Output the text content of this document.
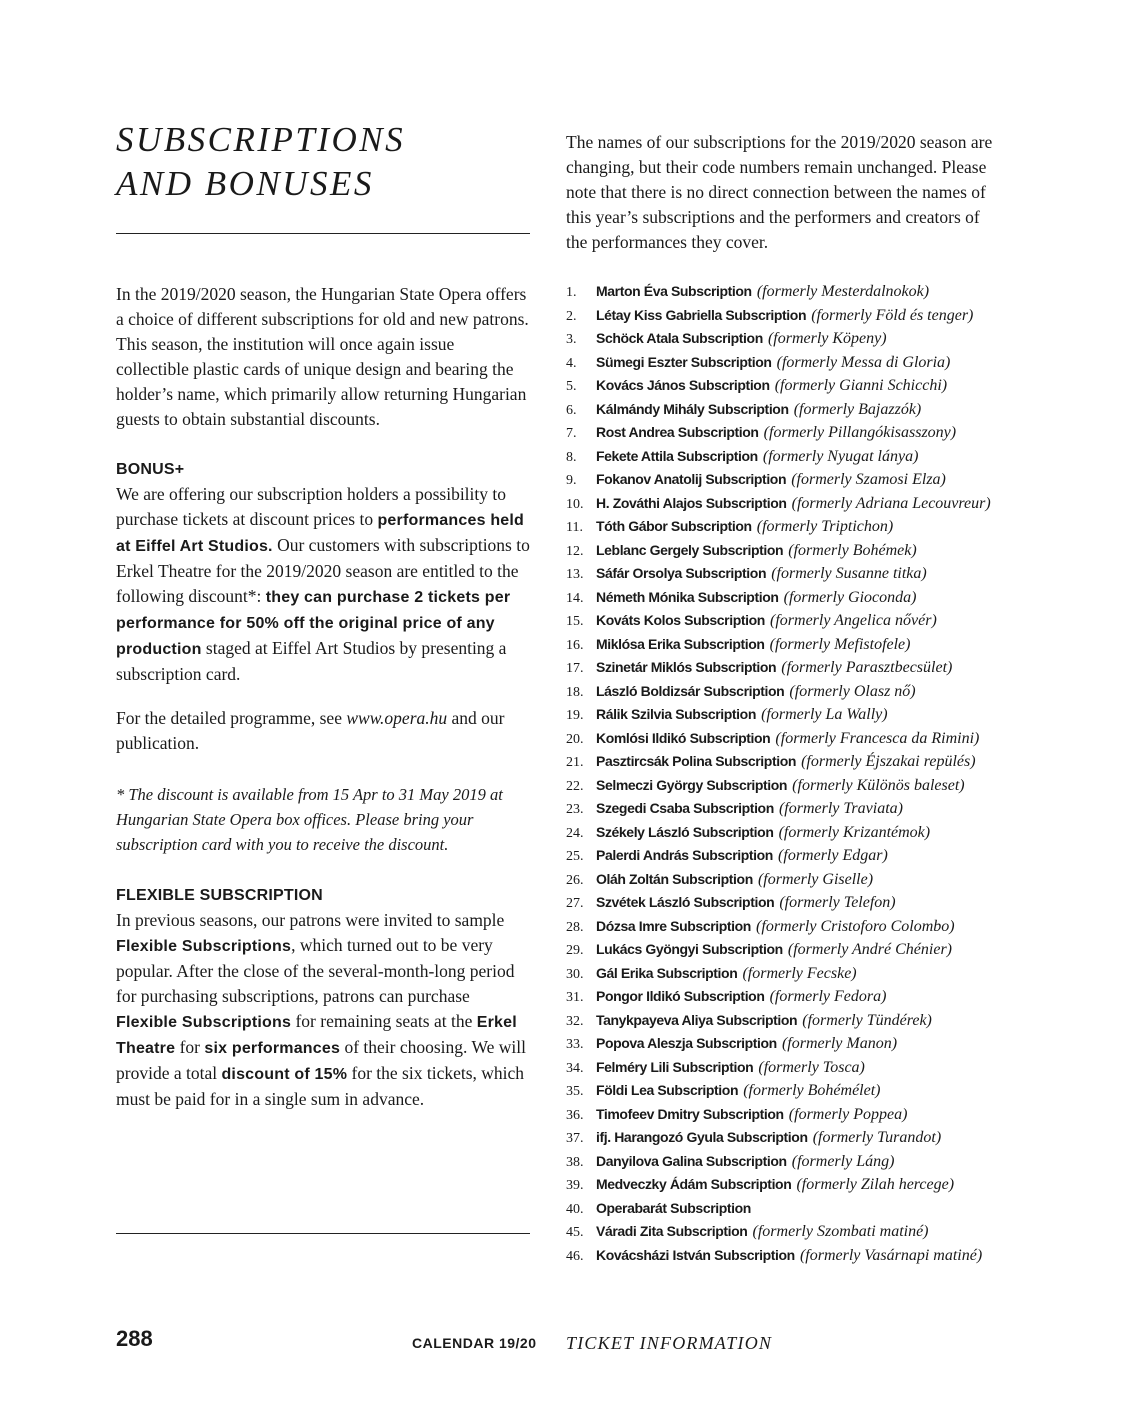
SUBSCRIPTIONS
AND BONUSES

In the 2019/2020 season, the Hungarian State Opera offers a choice of different subscriptions for old and new patrons. This season, the institution will once again issue collectible plastic cards of unique design and bearing the holder’s name, which primarily allow returning Hungarian guests to obtain substantial discounts.

BONUS+

We are offering our subscription holders a possibility to purchase tickets at discount prices to performances held at Eiffel Art Studios. Our customers with subscriptions to Erkel Theatre for the 2019/2020 season are entitled to the following discount*: they can purchase 2 tickets per performance for 50% off the original price of any production staged at Eiffel Art Studios by presenting a subscription card.

For the detailed programme, see www.opera.hu and our publication.

* The discount is available from 15 Apr to 31 May 2019 at Hungarian State Opera box offices. Please bring your subscription card with you to receive the discount.

FLEXIBLE SUBSCRIPTION

In previous seasons, our patrons were invited to sample Flexible Subscriptions, which turned out to be very popular. After the close of the several-month-long period for purchasing subscriptions, patrons can purchase Flexible Subscriptions for remaining seats at the Erkel Theatre for six performances of their choosing. We will provide a total discount of 15% for the six tickets, which must be paid for in a single sum in advance.

The names of our subscriptions for the 2019/2020 season are changing, but their code numbers remain unchanged. Please note that there is no direct connection between the names of this year’s subscriptions and the performers and creators of the performances they cover.

1. Marton Éva Subscription (formerly Mesterdalnokok)
2. Létay Kiss Gabriella Subscription (formerly Föld és tenger)
3. Schöck Atala Subscription (formerly Köpeny)
4. Sümegi Eszter Subscription (formerly Messa di Gloria)
5. Kovács János Subscription (formerly Gianni Schicchi)
6. Kálmándy Mihály Subscription (formerly Bajazzók)
7. Rost Andrea Subscription (formerly Pillangókisasszony)
8. Fekete Attila Subscription (formerly Nyugat lánya)
9. Fokanov Anatolij Subscription (formerly Szamosi Elza)
10. H. Zováthi Alajos Subscription (formerly Adriana Lecouvreur)
11. Tóth Gábor Subscription (formerly Triptichon)
12. Leblanc Gergely Subscription (formerly Bohémek)
13. Sáfár Orsolya Subscription (formerly Susanne titka)
14. Németh Mónika Subscription (formerly Gioconda)
15. Kováts Kolos Subscription (formerly Angelica nővér)
16. Miklósa Erika Subscription (formerly Mefistofele)
17. Szinetár Miklós Subscription (formerly Parasztbecsület)
18. László Boldizsár Subscription (formerly Olasz nő)
19. Rálik Szilvia Subscription (formerly La Wally)
20. Komlósi Ildikó Subscription (formerly Francesca da Rimini)
21. Pasztircsák Polina Subscription (formerly Éjszakai repülés)
22. Selmeczi György Subscription (formerly Különös baleset)
23. Szegedi Csaba Subscription (formerly Traviata)
24. Székely László Subscription (formerly Krizantémok)
25. Palerdi András Subscription (formerly Edgar)
26. Oláh Zoltán Subscription (formerly Giselle)
27. Szvétek László Subscription (formerly Telefon)
28. Dózsa Imre Subscription (formerly Cristoforo Colombo)
29. Lukács Gyöngyi Subscription (formerly André Chénier)
30. Gál Erika Subscription (formerly Fecske)
31. Pongor Ildikó Subscription (formerly Fedora)
32. Tanykpayeva Aliya Subscription (formerly Tündérek)
33. Popova Aleszja Subscription (formerly Manon)
34. Felméry Lili Subscription (formerly Tosca)
35. Földi Lea Subscription (formerly Bohémélet)
36. Timofeev Dmitry Subscription (formerly Poppea)
37. ifj. Harangozó Gyula Subscription (formerly Turandot)
38. Danyilova Galina Subscription (formerly Láng)
39. Medveczky Ádám Subscription (formerly Zilah hercege)
40. Operabarát Subscription
45. Váradi Zita Subscription (formerly Szombati matiné)
46. Kovácsházi István Subscription (formerly Vasárnapi matiné)
288	CALENDAR 19/20 TICKET INFORMATION
